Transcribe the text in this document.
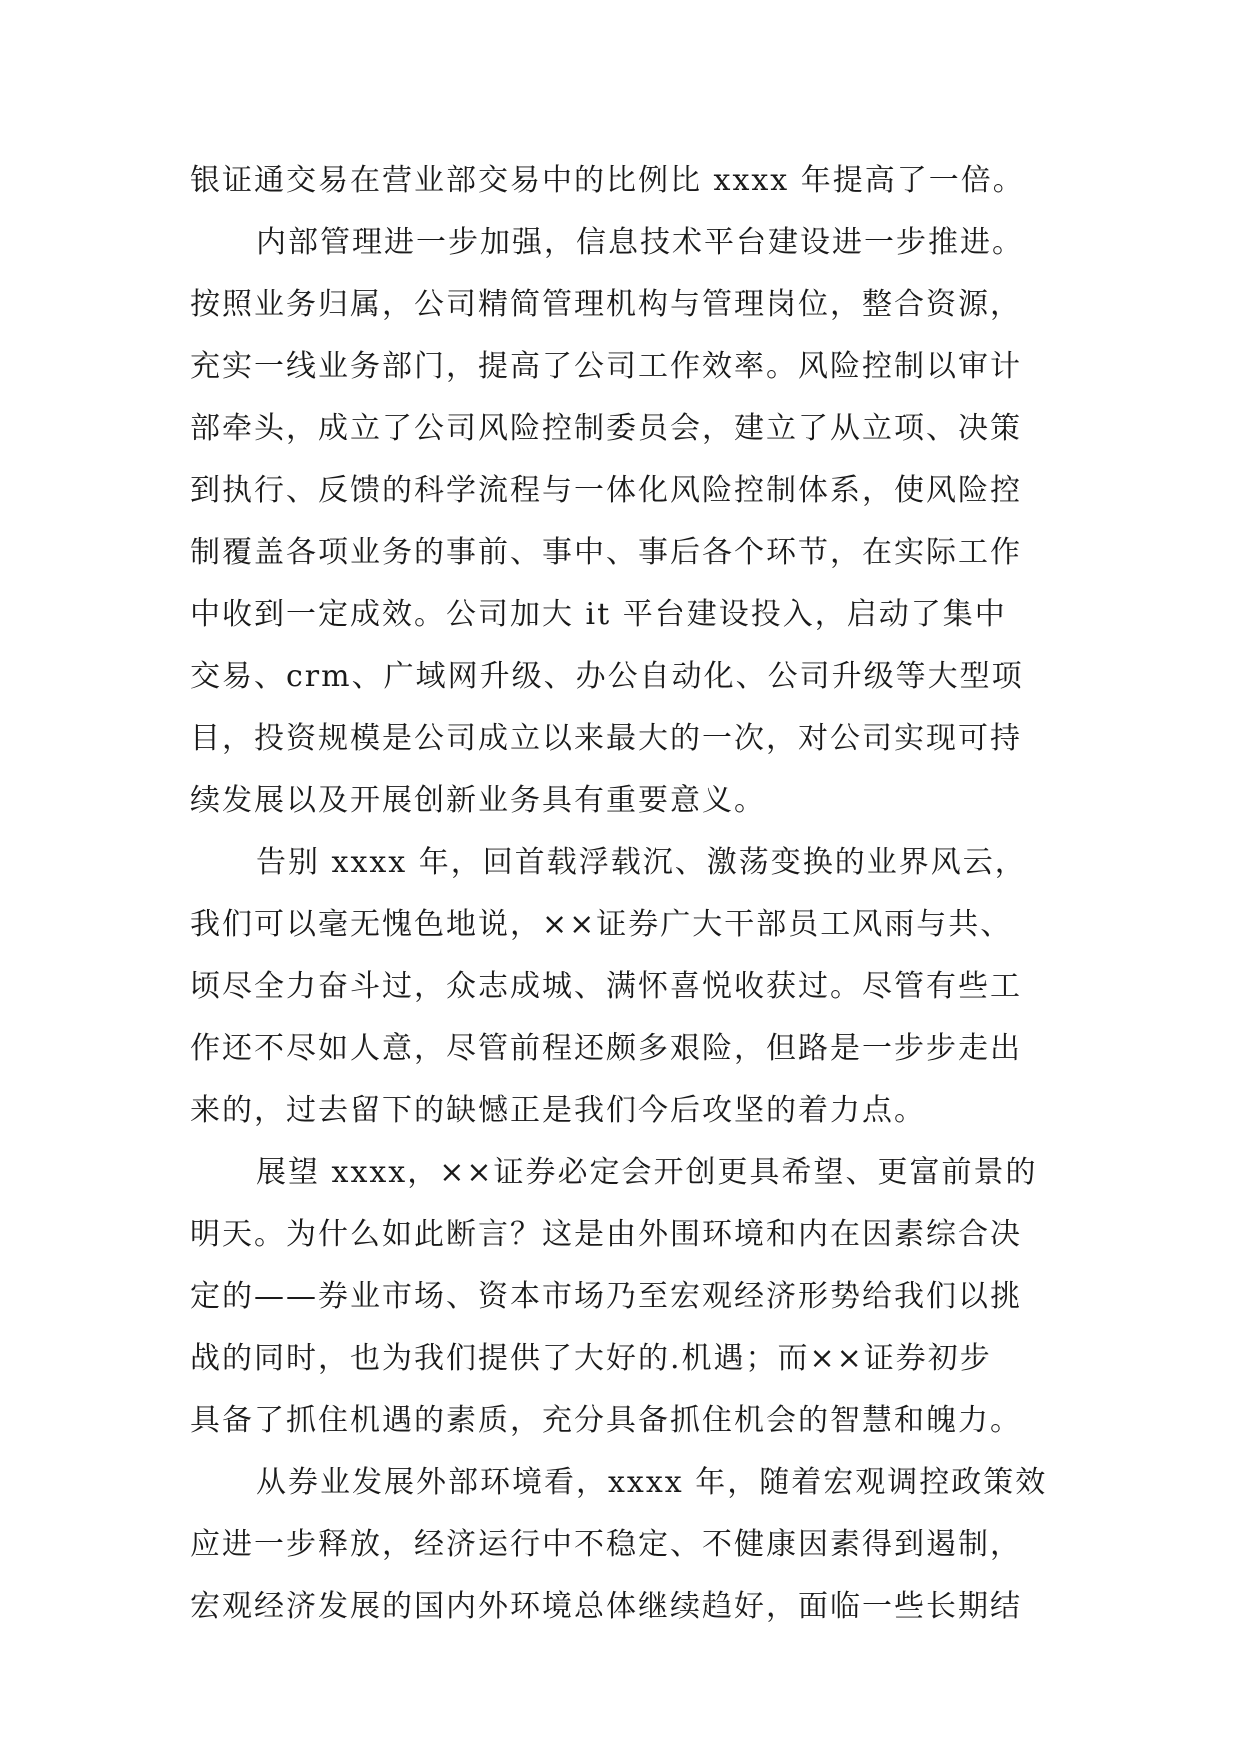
银证通交易在营业部交易中的比例比 xxxx 年提高了一倍。
内部管理进一步加强，信息技术平台建设进一步推进。
按照业务归属，公司精简管理机构与管理岗位，整合资源，
充实一线业务部门，提高了公司工作效率。风险控制以审计
部牵头，成立了公司风险控制委员会，建立了从立项、决策
到执行、反馈的科学流程与一体化风险控制体系，使风险控
制覆盖各项业务的事前、事中、事后各个环节，在实际工作
中收到一定成效。公司加大 it 平台建设投入，启动了集中
交易、crm、广域网升级、办公自动化、公司升级等大型项
目，投资规模是公司成立以来最大的一次，对公司实现可持
续发展以及开展创新业务具有重要意义。
告别 xxxx 年，回首载浮载沉、激荡变换的业界风云，
我们可以毫无愧色地说，××证券广大干部员工风雨与共、
顷尽全力奋斗过，众志成城、满怀喜悦收获过。尽管有些工
作还不尽如人意，尽管前程还颇多艰险，但路是一步步走出
来的，过去留下的缺憾正是我们今后攻坚的着力点。
展望 xxxx，××证券必定会开创更具希望、更富前景的
明天。为什么如此断言？这是由外围环境和内在因素综合决
定的——券业市场、资本市场乃至宏观经济形势给我们以挑
战的同时，也为我们提供了大好的.机遇；而××证券初步
具备了抓住机遇的素质，充分具备抓住机会的智慧和魄力。
从券业发展外部环境看，xxxx 年，随着宏观调控政策效
应进一步释放，经济运行中不稳定、不健康因素得到遏制，
宏观经济发展的国内外环境总体继续趋好，面临一些长期结
